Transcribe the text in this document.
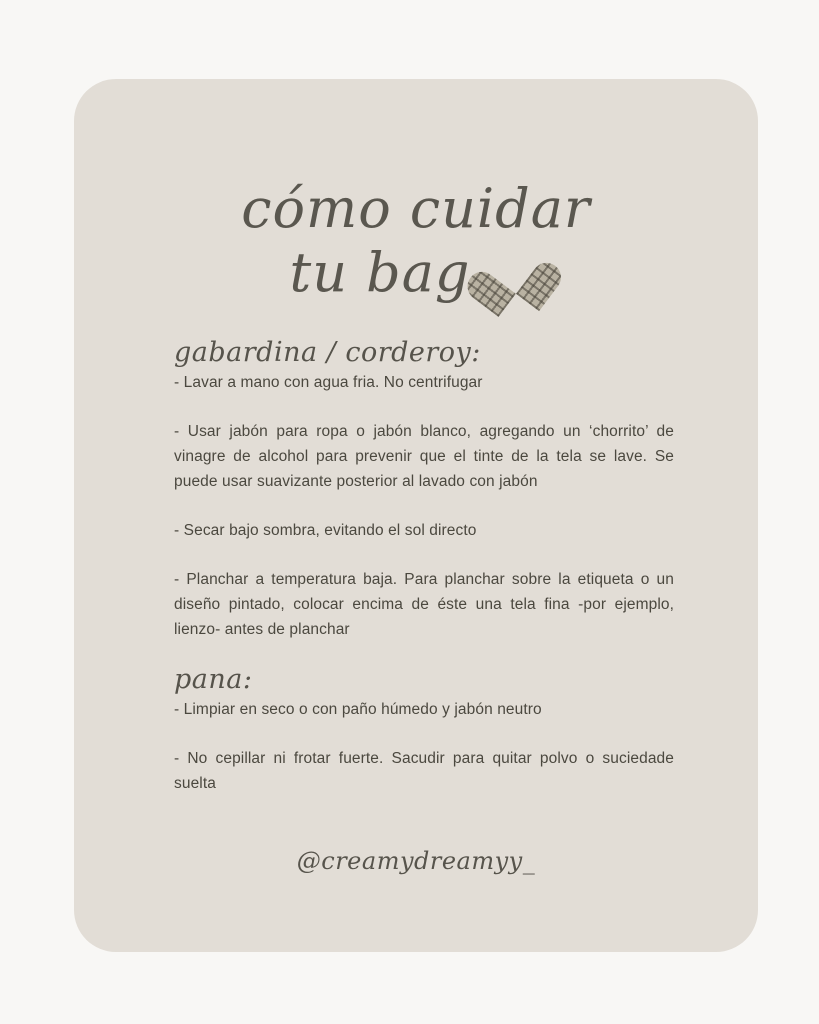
cómo cuidar
tu bag
gabardina / corderoy:

- Lavar a mano con agua fria. No centrifugar

- Usar jabón para ropa o jabón blanco, agregando un ‘chorrito’ de vinagre de alcohol para prevenir que el tinte de la tela se lave. Se puede usar suavizante posterior al lavado con jabón

- Secar bajo sombra, evitando el sol directo

- Planchar a temperatura baja. Para planchar sobre la etiqueta o un diseño pintado, colocar encima de éste una tela fina -por ejemplo, lienzo- antes de planchar

pana:

- Limpiar en seco o con paño húmedo y jabón neutro

- No cepillar ni frotar fuerte. Sacudir para quitar polvo o suciedade suelta

@creamydreamyy_
